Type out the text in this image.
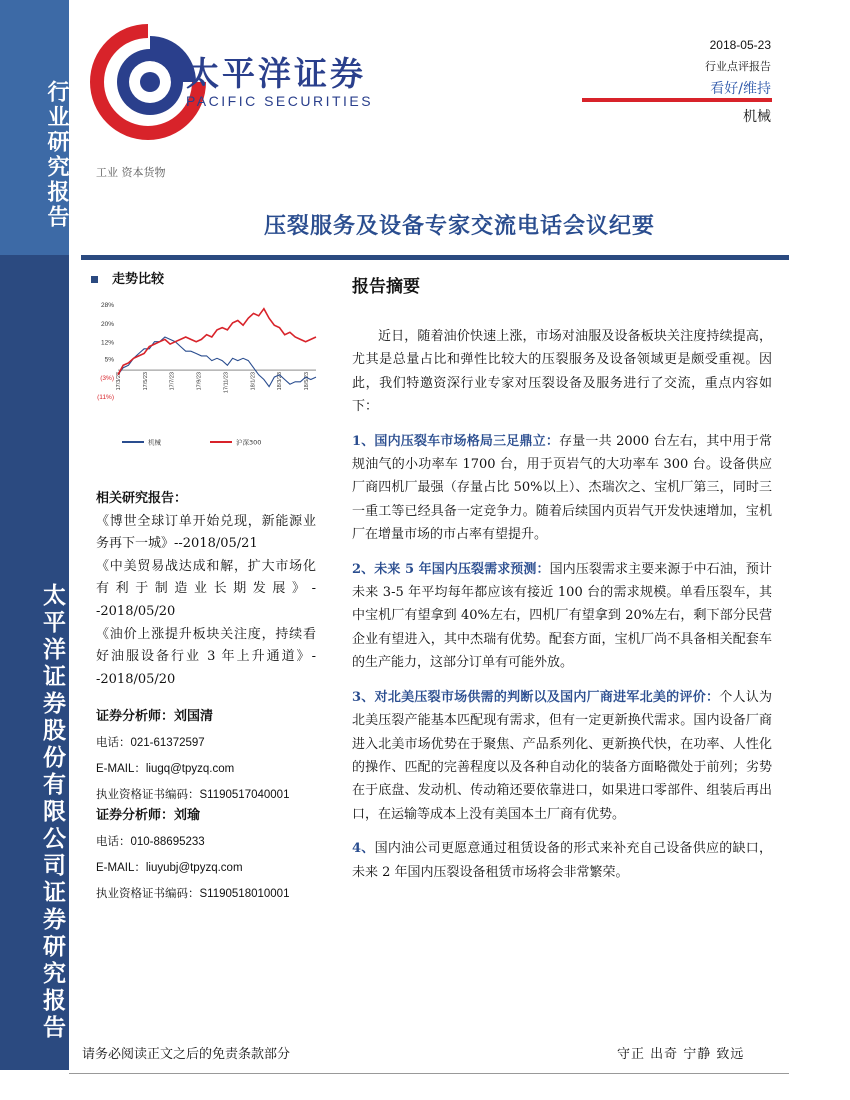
行业研究报告
太平洋证券股份有限公司证券研究报告
太平洋证券
PACIFIC SECURITIES
2018-05-23
行业点评报告
看好/维持
机械
工业 资本货物
压裂服务及设备专家交流电话会议纪要
走势比较
28%
20%
12%
5%
(3%)
(11%)
17/3/23	17/5/23	17/7/23	17/9/23	17/11/23	18/1/23	18/3/23	18/5/23
机械	沪深300
相关研究报告：
《博世全球订单开始兑现，新能源业务再下一城》--2018/05/21
《中美贸易战达成和解，扩大市场化有利于制造业长期发展》--2018/05/20
《油价上涨提升板块关注度，持续看好油服设备行业 3 年上升通道》--2018/05/20
证券分析师：刘国清
电话：021-61372597
E-MAIL：liugq@tpyzq.com
执业资格证书编码：S1190517040001
证券分析师：刘瑜
电话：010-88695233
E-MAIL：liuyubj@tpyzq.com
执业资格证书编码：S1190518010001
报告摘要

近日，随着油价快速上涨，市场对油服及设备板块关注度持续提高，尤其是总量占比和弹性比较大的压裂服务及设备领域更是颇受重视。因此，我们特邀资深行业专家对压裂设备及服务进行了交流，重点内容如下：

1、国内压裂车市场格局三足鼎立：存量一共 2000 台左右，其中用于常规油气的小功率车 1700 台，用于页岩气的大功率车 300 台。设备供应厂商四机厂最强（存量占比 50%以上）、杰瑞次之、宝机厂第三，同时三一重工等已经具备一定竞争力。随着后续国内页岩气开发快速增加，宝机厂在增量市场的市占率有望提升。

2、未来 5 年国内压裂需求预测：国内压裂需求主要来源于中石油，预计未来 3-5 年平均每年都应该有接近 100 台的需求规模。单看压裂车，其中宝机厂有望拿到 40%左右，四机厂有望拿到 20%左右，剩下部分民营企业有望进入，其中杰瑞有优势。配套方面，宝机厂尚不具备相关配套车的生产能力，这部分订单有可能外放。

3、对北美压裂市场供需的判断以及国内厂商进军北美的评价：个人认为北美压裂产能基本匹配现有需求，但有一定更新换代需求。国内设备厂商进入北美市场优势在于聚焦、产品系列化、更新换代快，在功率、人性化的操作、匹配的完善程度以及各种自动化的装备方面略微处于前列；劣势在于底盘、发动机、传动箱还要依靠进口，如果进口零部件、组装后再出口，在运输等成本上没有美国本土厂商有优势。

4、国内油公司更愿意通过租赁设备的形式来补充自己设备供应的缺口，未来 2 年国内压裂设备租赁市场将会非常繁荣。

请务必阅读正文之后的免责条款部分	守正 出奇 宁静 致远
